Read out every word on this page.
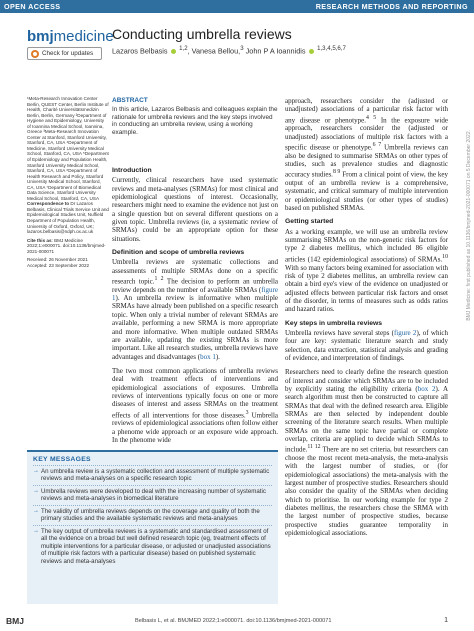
OPEN ACCESS	RESEARCH METHODS AND REPORTING
bmjmedicine
Check for updates
Conducting umbrella reviews
Lazaros Belbasis $^{1,2}$, Vanesa Bellou,$^3$ John P A Ioannidis $^{1,3,4,5,6,7}$

¹Meta-Research Innovation Center Berlin, QUEST Center, Berlin Institute of Health, Charité Universitätsmedizin Berlin, Berlin, Germany ²Department of Hygiene and Epidemiology, University of Ioannina Medical School, Ioannina, Greece ³Meta-Research Innovation Center at Stanford, Stanford University, Stanford, CA, USA ⁴Department of Medicine, Stanford University Medical School, Stanford, CA, USA ⁵Department of Epidemiology and Population Health, Stanford University Medical School, Stanford, CA, USA ⁶Department of Health Research and Policy, Stanford University Medical School, Stanford, CA, USA ⁷Department of Biomedical Data Science, Stanford University Medical School, Stanford, CA, USA

Correspondence to Dr Lazaros Belbasis, Clinical Trials Service Unit and Epidemiological Studies Unit, Nuffield Department of Population Health, University of Oxford, Oxford, UK; lazaros.belbasis@ndph.ox.ac.uk

Cite this as: BMJ Medicine 2022;1:e000071. doi:10.1136/bmjmed-2021-000071

Received: 26 November 2021

Accepted: 23 September 2022

ABSTRACT

In this article, Lazaros Belbasis and colleagues explain the rationale for umbrella reviews and the key steps involved in conducting an umbrella review, using a working example.

Introduction

Currently, clinical researchers have used systematic reviews and meta-analyses (SRMAs) for most clinical and epidemiological questions of interest. Occasionally, researchers might need to examine the evidence not just on a single question but on several different questions on a given topic. Umbrella reviews (ie, a systematic review of SRMAs) could be an appropriate option for these situations.

Definition and scope of umbrella reviews

Umbrella reviews are systematic collections and assessments of multiple SRMAs done on a specific research topic.$^{1 2}$ The decision to perform an umbrella review depends on the number of available SRMAs (figure 1). An umbrella review is informative when multiple SRMAs have already been published on a specific research topic. When only a trivial number of relevant SRMAs are available, performing a new SRMA is more appropriate and more informative. When multiple outdated SRMAs are available, updating the existing SRMAs is more important. Like all research studies, umbrella reviews have advantages and disadvantages (box 1).

The two most common applications of umbrella reviews deal with treatment effects of interventions and epidemiological associations of exposures. Umbrella reviews of interventions typically focus on one or more diseases of interest and assess SRMAs on the treatment effects of all interventions for those diseases.$^3$ Umbrella reviews of epidemiological associations often follow either a phenome wide approach or an exposure wide approach. In the phenome wide

approach, researchers consider the (adjusted or unadjusted) associations of a particular risk factor with any disease or phenotype.$^{4 5}$ In the exposure wide approach, researchers consider the (adjusted or unadjusted) associations of multiple risk factors with a specific disease or phenotype.$^{6 7}$ Umbrella reviews can also be designed to summarise SRMAs on other types of studies, such as prevalence studies and diagnostic accuracy studies.$^{8 9}$ From a clinical point of view, the key output of an umbrella review is a comprehensive, systematic, and critical summary of multiple intervention or epidemiological studies (or other types of studies) based on published SRMAs.

Getting started

As a working example, we will use an umbrella review summarising SRMAs on the non-genetic risk factors for type 2 diabetes mellitus, which included 86 eligible articles (142 epidemiological associations) of SRMAs.$^{10}$ With so many factors being examined for association with risk of type 2 diabetes mellitus, an umbrella review can obtain a bird eye's view of the evidence on unadjusted or adjusted effects between particular risk factors and onset of the disorder, in terms of measures such as odds ratios and hazard ratios.

Key steps in umbrella reviews

Umbrella reviews have several steps (figure 2), of which four are key: systematic literature search and study selection, data extraction, statistical analysis and grading of evidence, and interpretation of findings.

Researchers need to clearly define the research question of interest and consider which SRMAs are to be included by explicitly stating the eligibility criteria (box 2). A search algorithm must then be constructed to capture all SRMAs that deal with the defined research area. Eligible SRMAs are then selected by independent double screening of the literature search results. When multiple SRMAs on the same topic have partial or complete overlap, criteria are applied to decide which SRMAs to include.$^{11 12}$ There are no set criteria, but researchers can choose the most recent meta-analysis, the meta-analysis with the largest number of studies, or (for epidemiological associations) the meta-analysis with the largest number of prospective studies. Researchers should also consider the quality of the SRMAs when deciding which to prioritise. In our working example for type 2 diabetes mellitus, the researchers chose the SRMA with the largest number of prospective studies, because prospective studies guarantee temporality in epidemiological associations.

KEY MESSAGES
→ An umbrella review is a systematic collection and assessment of multiple systematic reviews and meta-analyses on a specific research topic
→ Umbrella reviews were developed to deal with the increasing number of systematic reviews and meta-analyses in biomedical literature
→ The validity of umbrella reviews depends on the coverage and quality of both the primary studies and the available systematic reviews and meta-analyses
→ The key output of umbrella reviews is a systematic and standardised assessment of all the evidence on a broad but well defined research topic (eg, treatment effects of multiple interventions for a particular disease, or adjusted or unadjusted associations of multiple risk factors with a particular disease) based on published systematic reviews and meta-analyses
BMJ Medicine: first published as 10.1136/bmjmed-2021-000071 on 5 December 2022.
BMJ	Belbasis L, et al. BMJMED 2022;1:e000071. doi:10.1136/bmjmed-2021-000071	1
